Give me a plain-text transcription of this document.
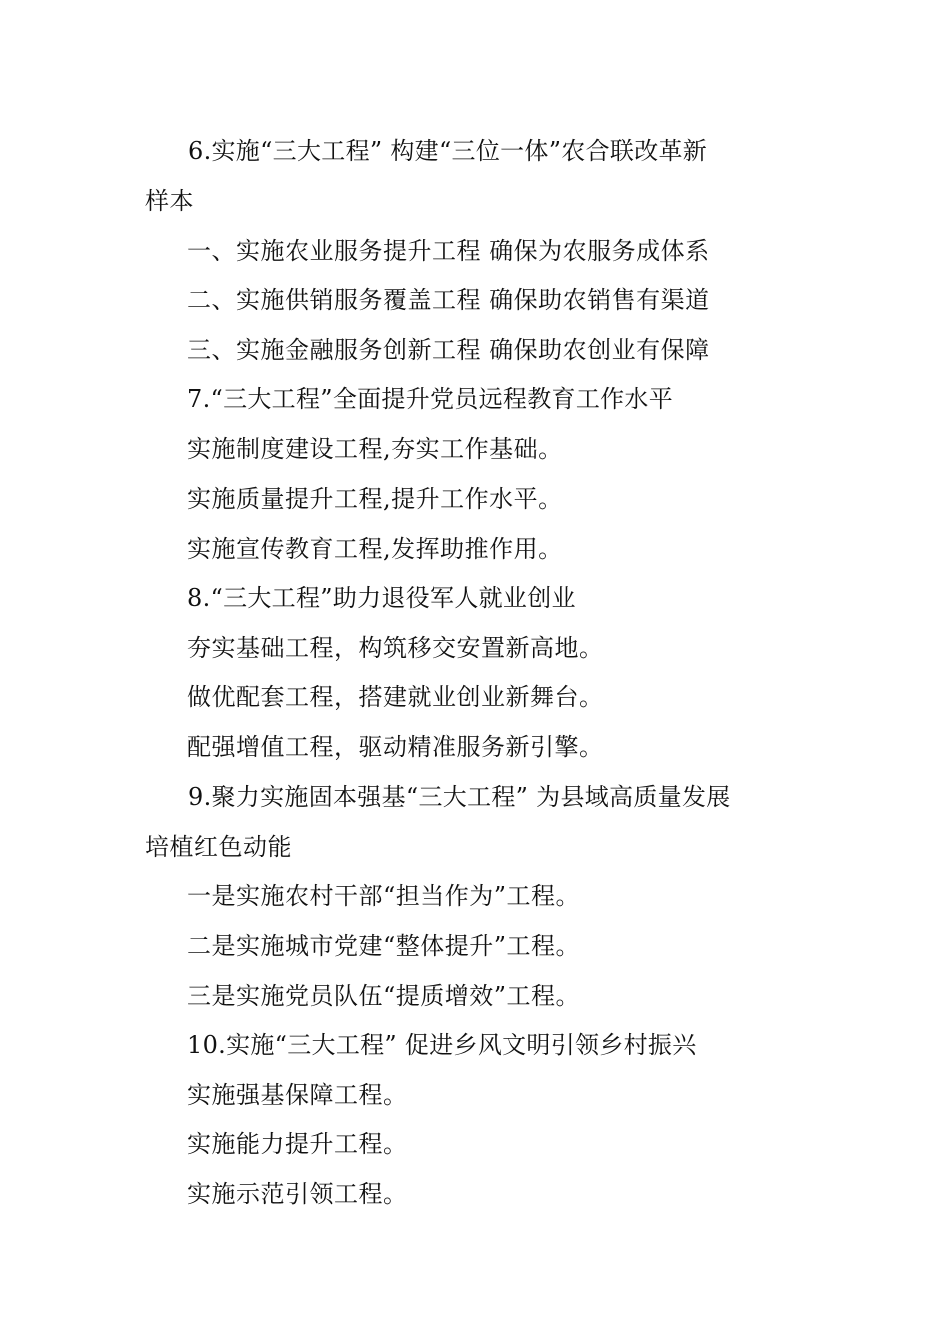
6.实施“三大工程” 构建“三位一体”农合联改革新
样本
一、实施农业服务提升工程 确保为农服务成体系
二、实施供销服务覆盖工程 确保助农销售有渠道
三、实施金融服务创新工程 确保助农创业有保障
7.“三大工程”全面提升党员远程教育工作水平
实施制度建设工程,夯实工作基础。
实施质量提升工程,提升工作水平。
实施宣传教育工程,发挥助推作用。
8.“三大工程”助力退役军人就业创业
夯实基础工程，构筑移交安置新高地。
做优配套工程，搭建就业创业新舞台。
配强增值工程，驱动精准服务新引擎。
9.聚力实施固本强基“三大工程” 为县域高质量发展
培植红色动能
一是实施农村干部“担当作为”工程。
二是实施城市党建“整体提升”工程。
三是实施党员队伍“提质增效”工程。
10.实施“三大工程” 促进乡风文明引领乡村振兴
实施强基保障工程。
实施能力提升工程。
实施示范引领工程。
